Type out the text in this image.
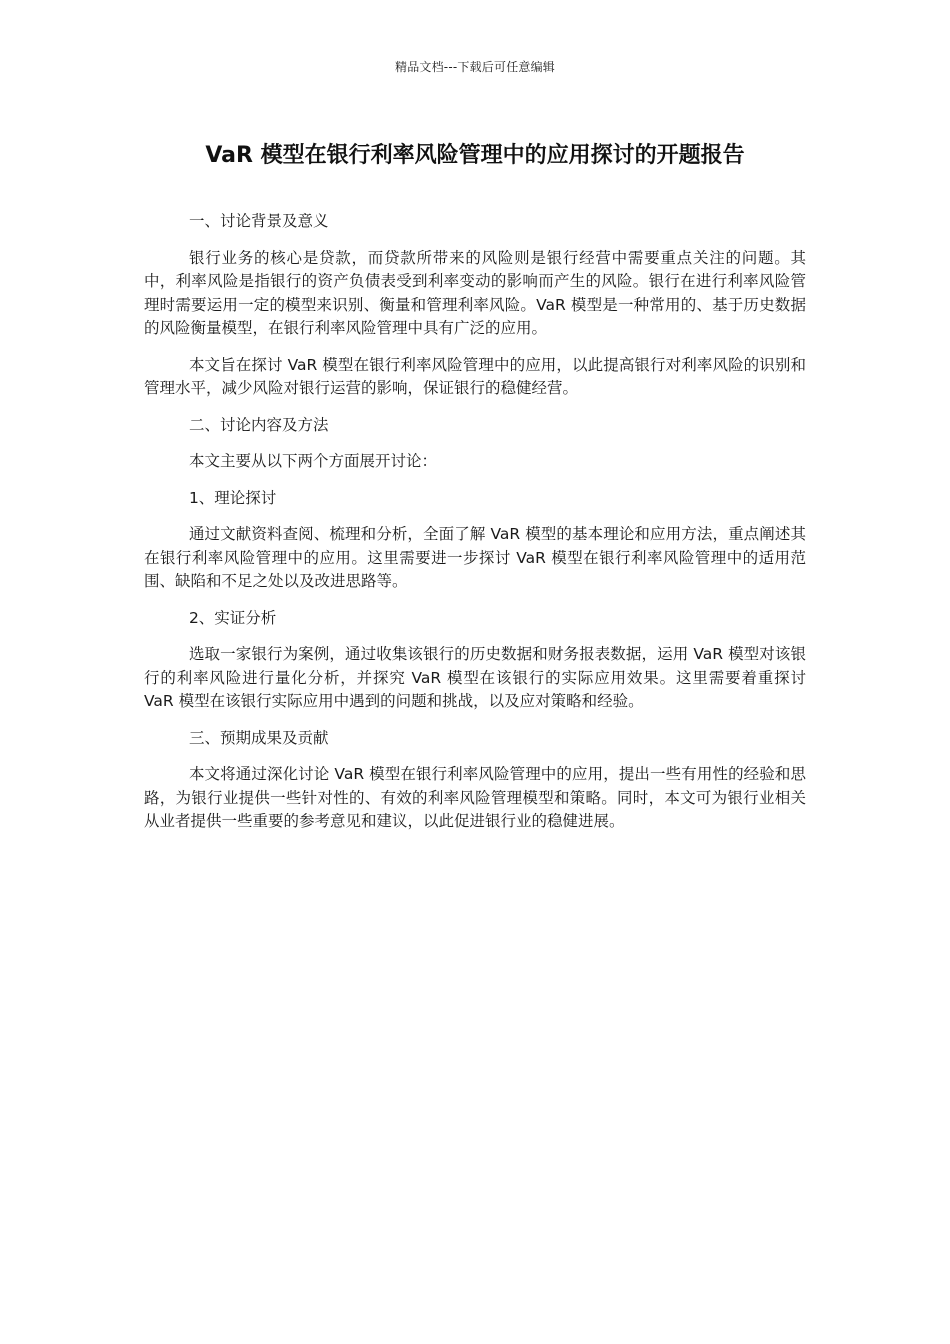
精品文档---下载后可任意编辑
VaR 模型在银行利率风险管理中的应用探讨的开题报告

一、讨论背景及意义

银行业务的核心是贷款，而贷款所带来的风险则是银行经营中需要重点关注的问题。其中，利率风险是指银行的资产负债表受到利率变动的影响而产生的风险。银行在进行利率风险管理时需要运用一定的模型来识别、衡量和管理利率风险。VaR 模型是一种常用的、基于历史数据的风险衡量模型，在银行利率风险管理中具有广泛的应用。

本文旨在探讨 VaR 模型在银行利率风险管理中的应用，以此提高银行对利率风险的识别和管理水平，减少风险对银行运营的影响，保证银行的稳健经营。

二、讨论内容及方法

本文主要从以下两个方面展开讨论：

1、理论探讨

通过文献资料查阅、梳理和分析，全面了解 VaR 模型的基本理论和应用方法，重点阐述其在银行利率风险管理中的应用。这里需要进一步探讨 VaR 模型在银行利率风险管理中的适用范围、缺陷和不足之处以及改进思路等。

2、实证分析

选取一家银行为案例，通过收集该银行的历史数据和财务报表数据，运用 VaR 模型对该银行的利率风险进行量化分析，并探究 VaR 模型在该银行的实际应用效果。这里需要着重探讨 VaR 模型在该银行实际应用中遇到的问题和挑战，以及应对策略和经验。

三、预期成果及贡献

本文将通过深化讨论 VaR 模型在银行利率风险管理中的应用，提出一些有用性的经验和思路，为银行业提供一些针对性的、有效的利率风险管理模型和策略。同时，本文可为银行业相关从业者提供一些重要的参考意见和建议，以此促进银行业的稳健进展。
